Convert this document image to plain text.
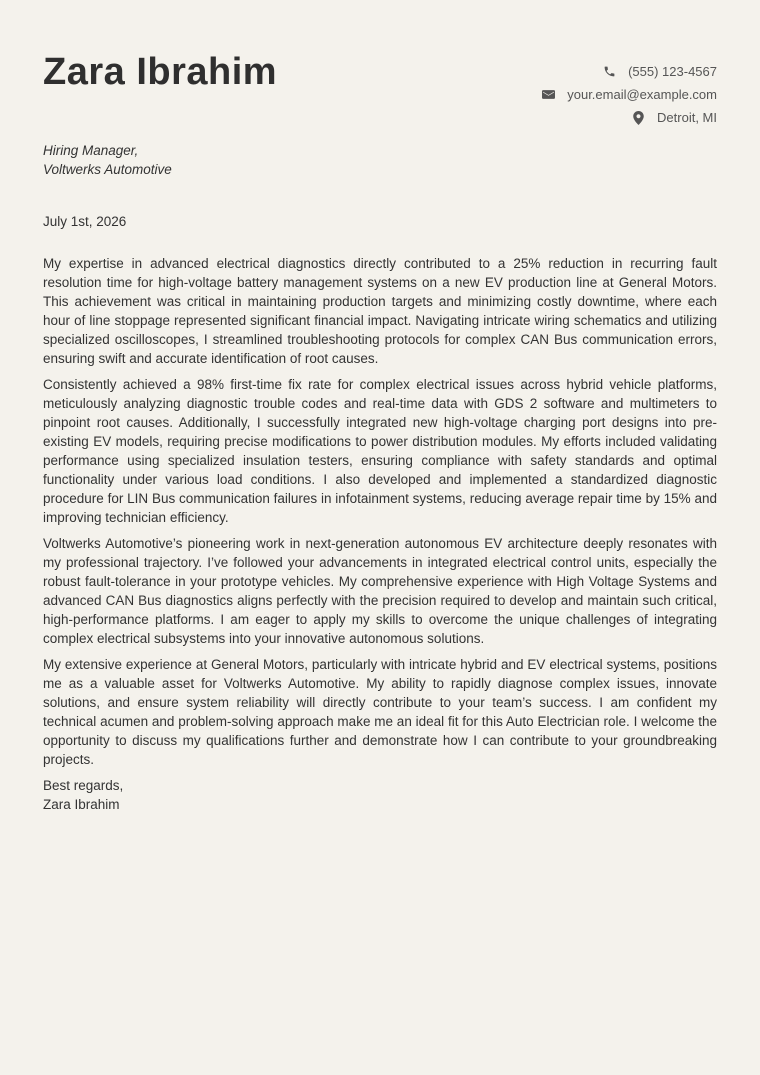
Zara Ibrahim	(555) 123-4567
your.email@example.com
Detroit, MI
Hiring Manager,
Voltwerks Automotive
July 1st, 2026

My expertise in advanced electrical diagnostics directly contributed to a 25% reduction in recurring fault resolution time for high-voltage battery management systems on a new EV production line at General Motors. This achievement was critical in maintaining production targets and minimizing costly downtime, where each hour of line stoppage represented significant financial impact. Navigating intricate wiring schematics and utilizing specialized oscilloscopes, I streamlined troubleshooting protocols for complex CAN Bus communication errors, ensuring swift and accurate identification of root causes.

Consistently achieved a 98% first-time fix rate for complex electrical issues across hybrid vehicle platforms, meticulously analyzing diagnostic trouble codes and real-time data with GDS 2 software and multimeters to pinpoint root causes. Additionally, I successfully integrated new high-voltage charging port designs into pre-existing EV models, requiring precise modifications to power distribution modules. My efforts included validating performance using specialized insulation testers, ensuring compliance with safety standards and optimal functionality under various load conditions. I also developed and implemented a standardized diagnostic procedure for LIN Bus communication failures in infotainment systems, reducing average repair time by 15% and improving technician efficiency.

Voltwerks Automotive’s pioneering work in next-generation autonomous EV architecture deeply resonates with my professional trajectory. I’ve followed your advancements in integrated electrical control units, especially the robust fault-tolerance in your prototype vehicles. My comprehensive experience with High Voltage Systems and advanced CAN Bus diagnostics aligns perfectly with the precision required to develop and maintain such critical, high-performance platforms. I am eager to apply my skills to overcome the unique challenges of integrating complex electrical subsystems into your innovative autonomous solutions.

My extensive experience at General Motors, particularly with intricate hybrid and EV electrical systems, positions me as a valuable asset for Voltwerks Automotive. My ability to rapidly diagnose complex issues, innovate solutions, and ensure system reliability will directly contribute to your team’s success. I am confident my technical acumen and problem-solving approach make me an ideal fit for this Auto Electrician role. I welcome the opportunity to discuss my qualifications further and demonstrate how I can contribute to your groundbreaking projects.

Best regards,
Zara Ibrahim
